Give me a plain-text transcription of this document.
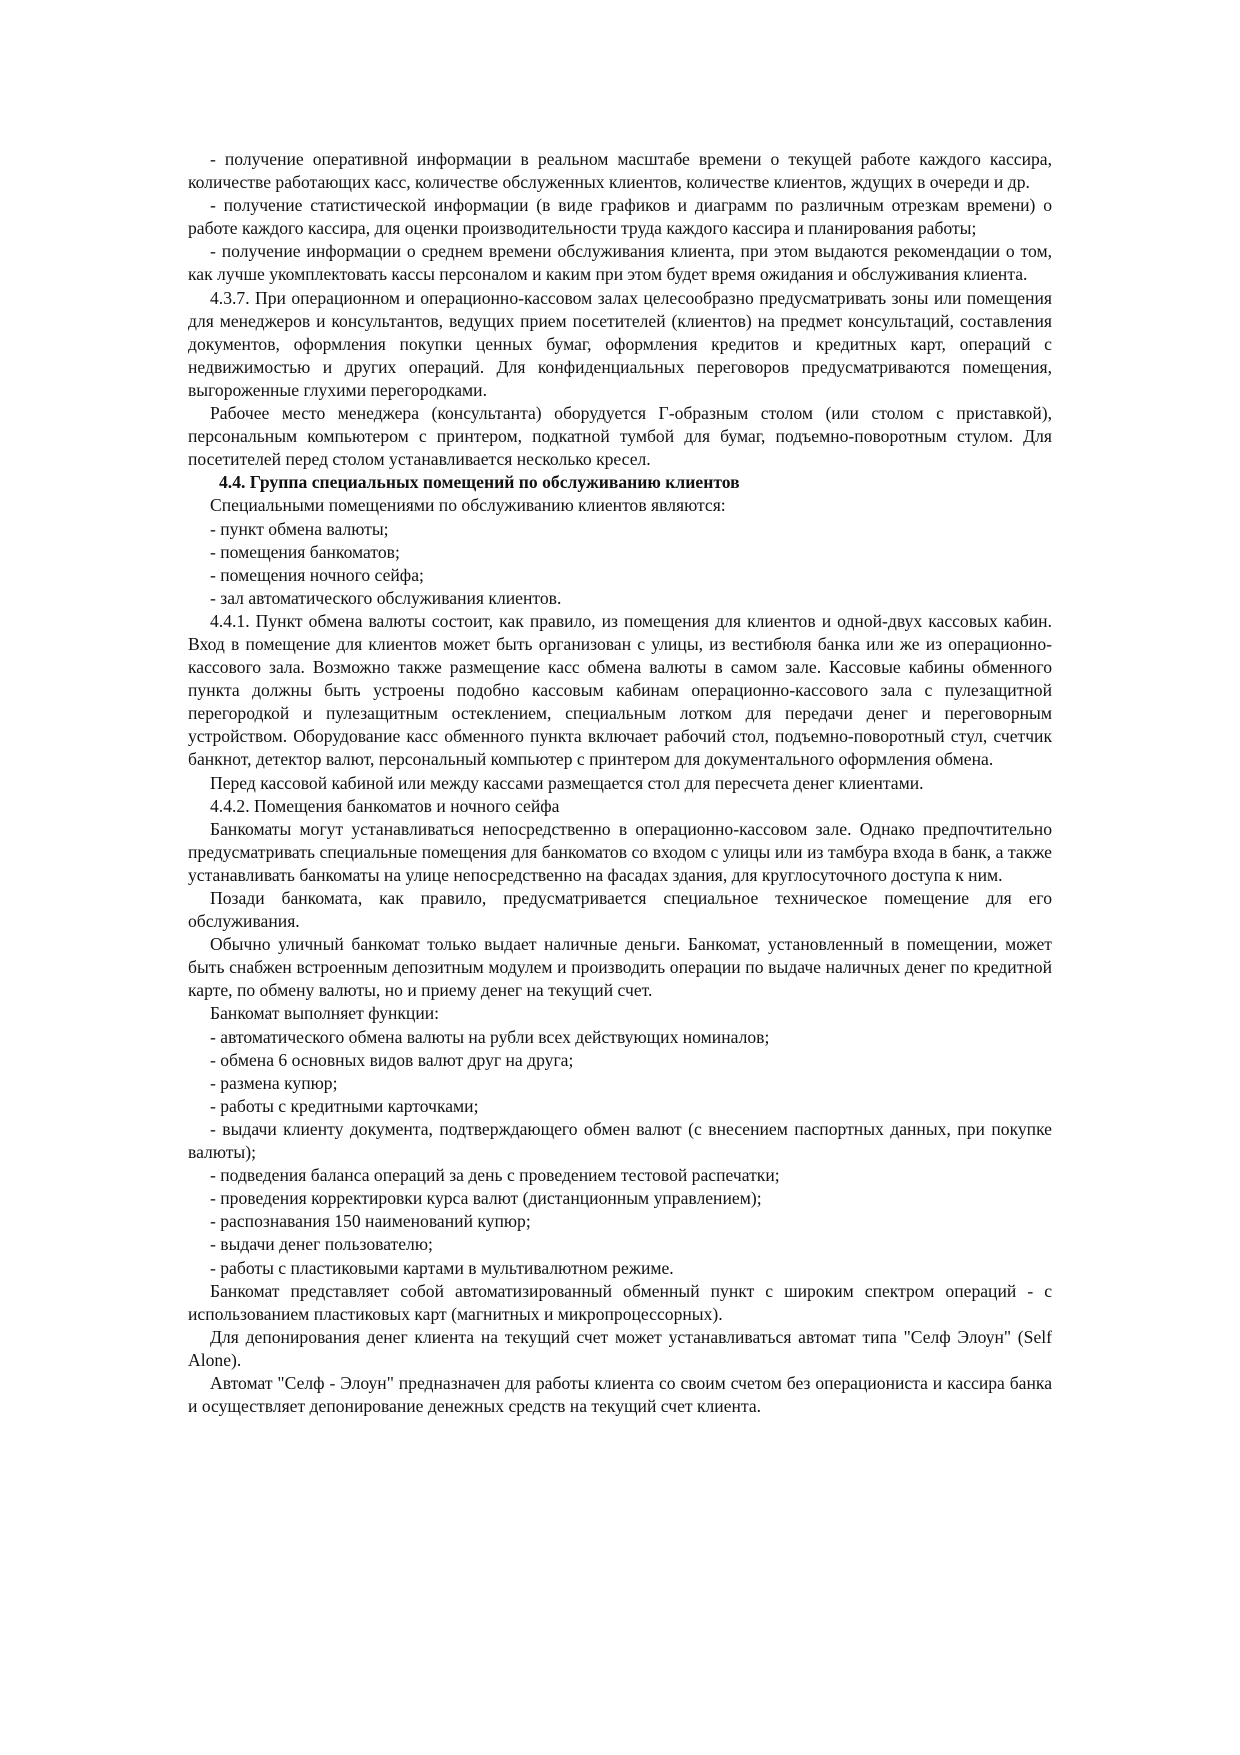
- получение оперативной информации в реальном масштабе времени о текущей работе каждого кассира, количестве работающих касс, количестве обслуженных клиентов, количестве клиентов, ждущих в очереди и др.

- получение статистической информации (в виде графиков и диаграмм по различным отрезкам времени) о работе каждого кассира, для оценки производительности труда каждого кассира и планирования работы;

- получение информации о среднем времени обслуживания клиента, при этом выдаются рекомендации о том, как лучше укомплектовать кассы персоналом и каким при этом будет время ожидания и обслуживания клиента.

4.3.7. При операционном и операционно-кассовом залах целесообразно предусматривать зоны или помещения для менеджеров и консультантов, ведущих прием посетителей (клиентов) на предмет консультаций, составления документов, оформления покупки ценных бумаг, оформления кредитов и кредитных карт, операций с недвижимостью и других операций. Для конфиденциальных переговоров предусматриваются помещения, выгороженные глухими перегородками.

Рабочее место менеджера (консультанта) оборудуется Г-образным столом (или столом с приставкой), персональным компьютером с принтером, подкатной тумбой для бумаг, подъемно-поворотным стулом. Для посетителей перед столом устанавливается несколько кресел.

4.4. Группа специальных помещений по обслуживанию клиентов

Специальными помещениями по обслуживанию клиентов являются:

- пункт обмена валюты;

- помещения банкоматов;

- помещения ночного сейфа;

- зал автоматического обслуживания клиентов.

4.4.1. Пункт обмена валюты состоит, как правило, из помещения для клиентов и одной-двух кассовых кабин. Вход в помещение для клиентов может быть организован с улицы, из вестибюля банка или же из операционно-кассового зала. Возможно также размещение касс обмена валюты в самом зале. Кассовые кабины обменного пункта должны быть устроены подобно кассовым кабинам операционно-кассового зала с пулезащитной перегородкой и пулезащитным остеклением, специальным лотком для передачи денег и переговорным устройством. Оборудование касс обменного пункта включает рабочий стол, подъемно-поворотный стул, счетчик банкнот, детектор валют, персональный компьютер с принтером для документального оформления обмена.

Перед кассовой кабиной или между кассами размещается стол для пересчета денег клиентами.

4.4.2. Помещения банкоматов и ночного сейфа

Банкоматы могут устанавливаться непосредственно в операционно-кассовом зале. Однако предпочтительно предусматривать специальные помещения для банкоматов со входом с улицы или из тамбура входа в банк, а также устанавливать банкоматы на улице непосредственно на фасадах здания, для круглосуточного доступа к ним.

Позади банкомата, как правило, предусматривается специальное техническое помещение для его обслуживания.

Обычно уличный банкомат только выдает наличные деньги. Банкомат, установленный в помещении, может быть снабжен встроенным депозитным модулем и производить операции по выдаче наличных денег по кредитной карте, по обмену валюты, но и приему денег на текущий счет.

Банкомат выполняет функции:

- автоматического обмена валюты на рубли всех действующих номиналов;

- обмена 6 основных видов валют друг на друга;

- размена купюр;

- работы с кредитными карточками;

- выдачи клиенту документа, подтверждающего обмен валют (с внесением паспортных данных, при покупке валюты);

- подведения баланса операций за день с проведением тестовой распечатки;

- проведения корректировки курса валют (дистанционным управлением);

- распознавания 150 наименований купюр;

- выдачи денег пользователю;

- работы с пластиковыми картами в мультивалютном режиме.

Банкомат представляет собой автоматизированный обменный пункт с широким спектром операций - с использованием пластиковых карт (магнитных и микропроцессорных).

Для депонирования денег клиента на текущий счет может устанавливаться автомат типа "Селф Элоун" (Self Alone).

Автомат "Селф - Элоун" предназначен для работы клиента со своим счетом без операциониста и кассира банка и осуществляет депонирование денежных средств на текущий счет клиента.
